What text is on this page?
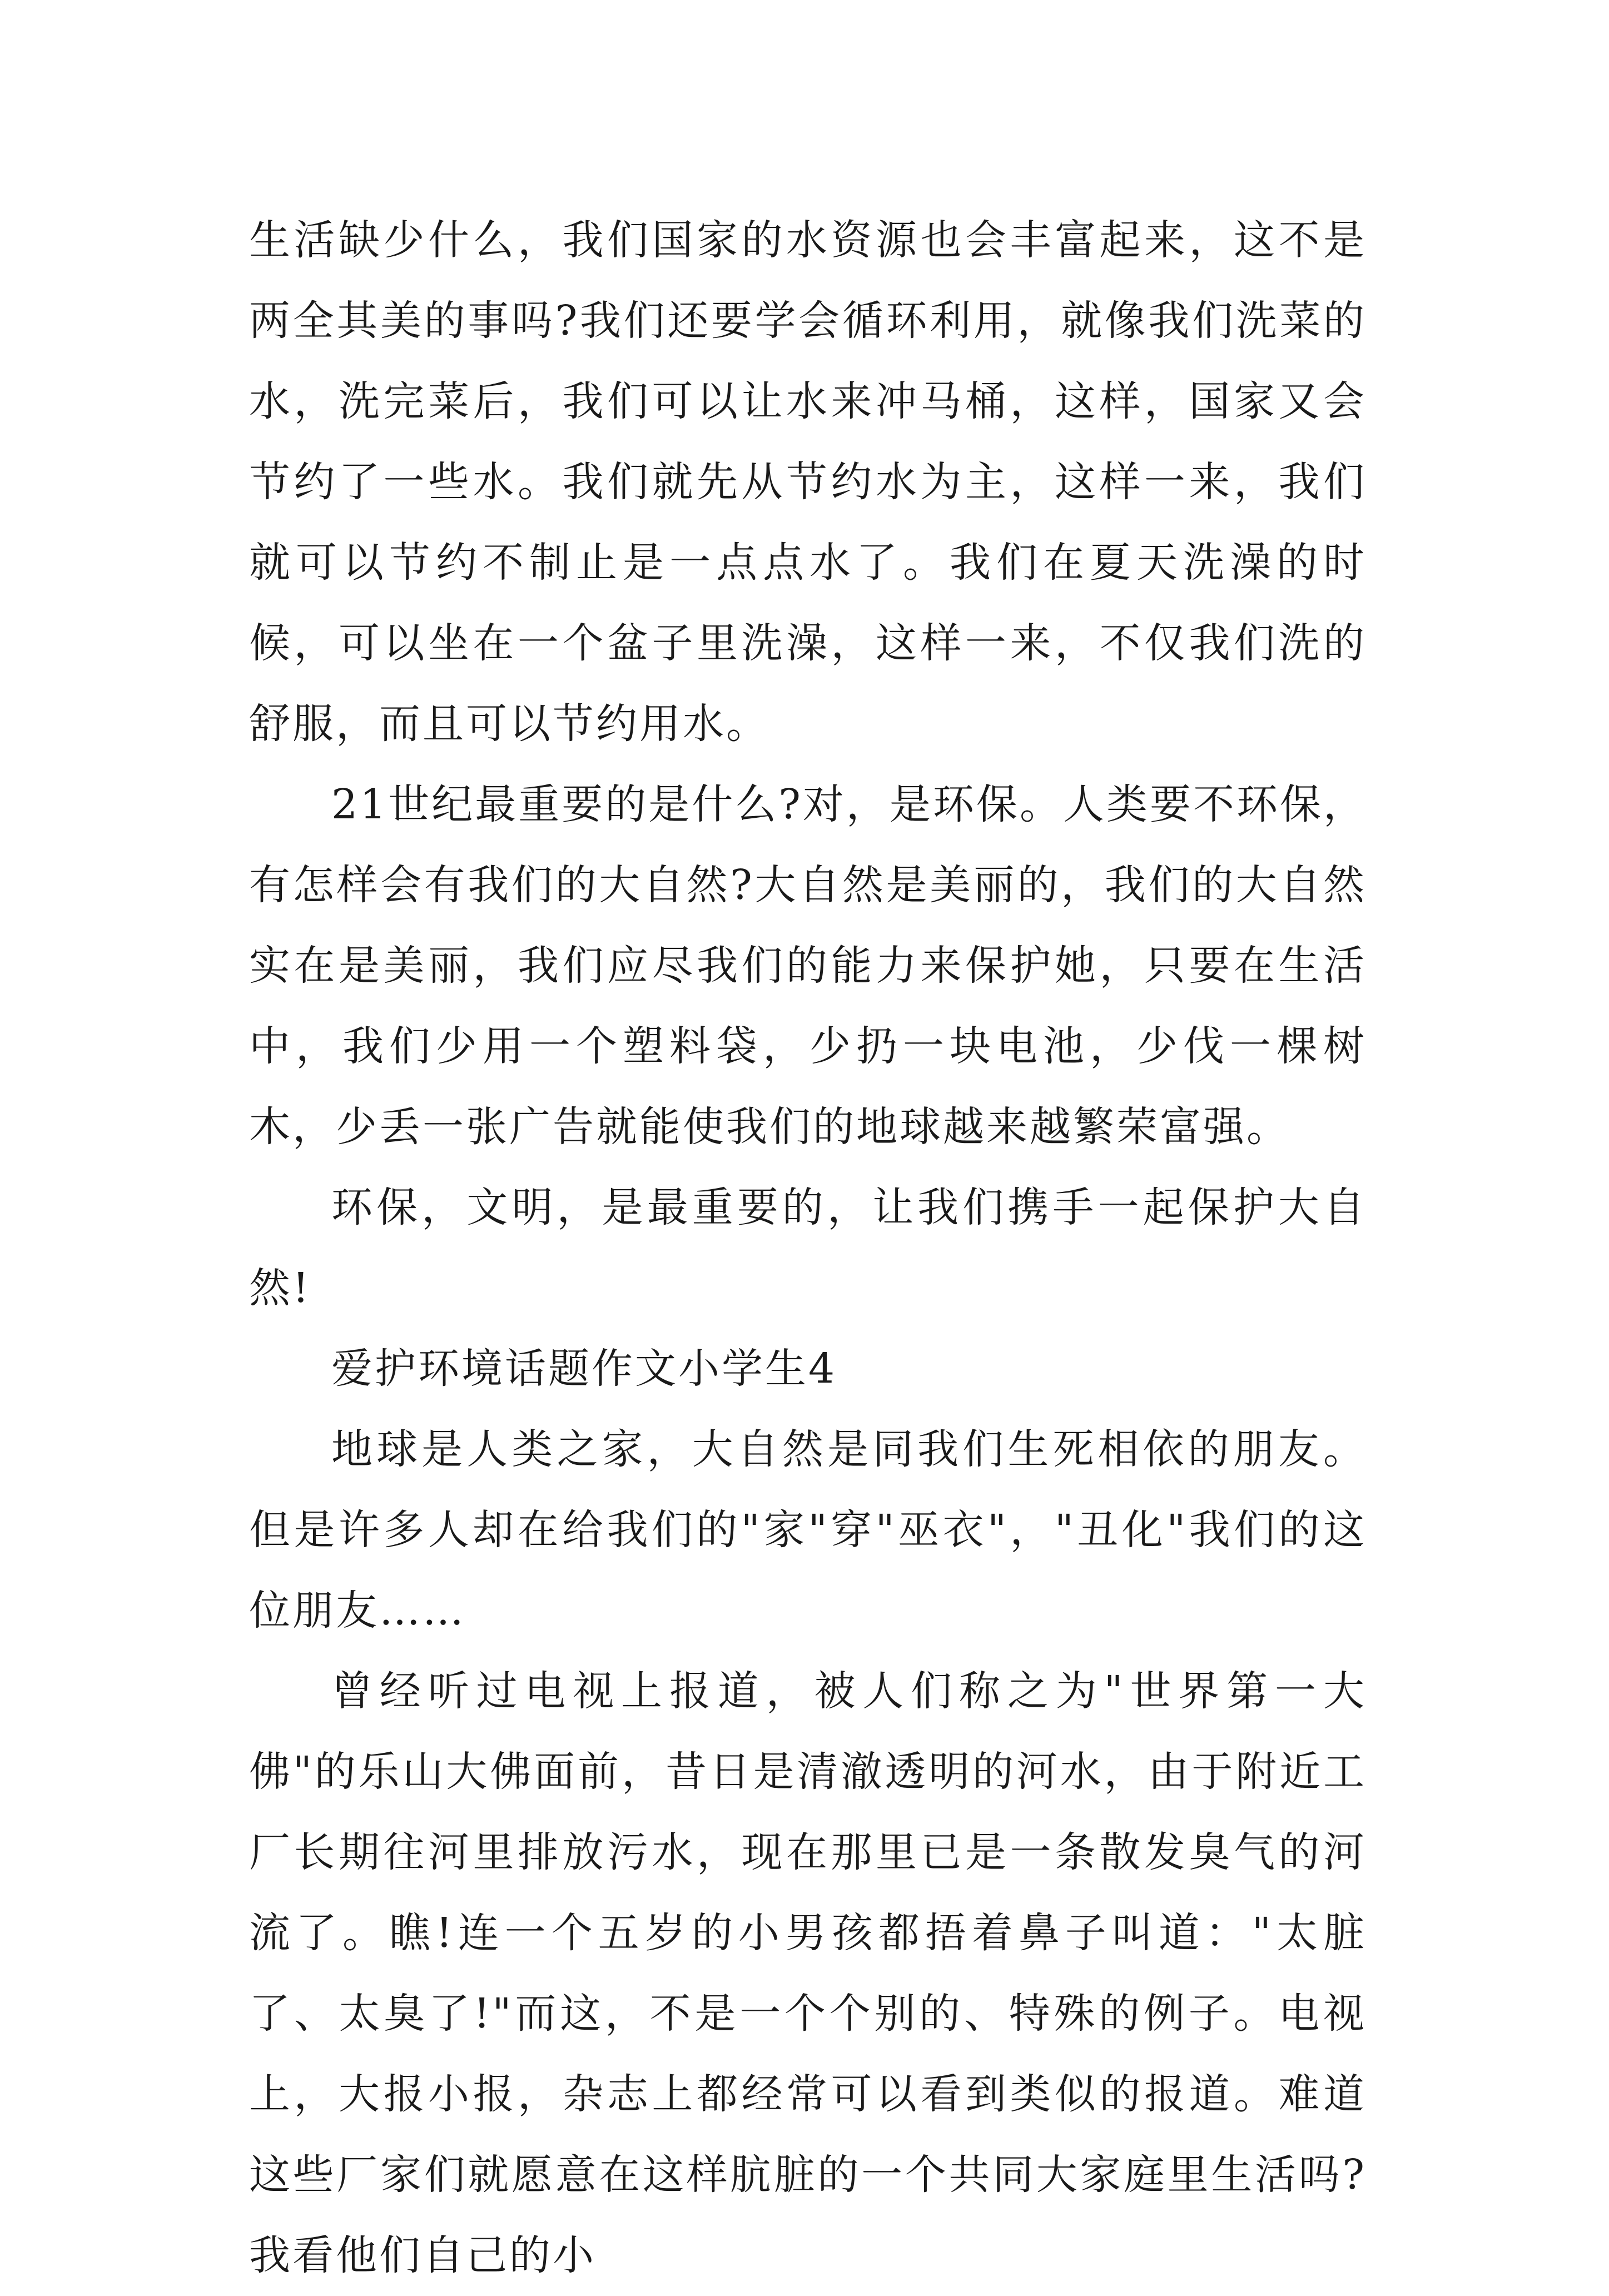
生活缺少什么，我们国家的水资源也会丰富起来，这不是两全其美的事吗?我们还要学会循环利用，就像我们洗菜的水，洗完菜后，我们可以让水来冲马桶，这样，国家又会节约了一些水。我们就先从节约水为主，这样一来，我们就可以节约不制止是一点点水了。我们在夏天洗澡的时候，可以坐在一个盆子里洗澡，这样一来，不仅我们洗的舒服，而且可以节约用水。

21世纪最重要的是什么?对，是环保。人类要不环保，有怎样会有我们的大自然?大自然是美丽的，我们的大自然实在是美丽，我们应尽我们的能力来保护她，只要在生活中，我们少用一个塑料袋，少扔一块电池，少伐一棵树木，少丢一张广告就能使我们的地球越来越繁荣富强。

环保，文明，是最重要的，让我们携手一起保护大自然!

爱护环境话题作文小学生4

地球是人类之家，大自然是同我们生死相依的朋友。但是许多人却在给我们的"家"穿"巫衣"，"丑化"我们的这位朋友……

曾经听过电视上报道，被人们称之为"世界第一大佛"的乐山大佛面前，昔日是清澈透明的河水，由于附近工厂长期往河里排放污水，现在那里已是一条散发臭气的河流了。瞧!连一个五岁的小男孩都捂着鼻子叫道："太脏了、太臭了!"而这，不是一个个别的、特殊的例子。电视上，大报小报，杂志上都经常可以看到类似的报道。难道这些厂家们就愿意在这样肮脏的一个共同大家庭里生活吗?我看他们自己的小
